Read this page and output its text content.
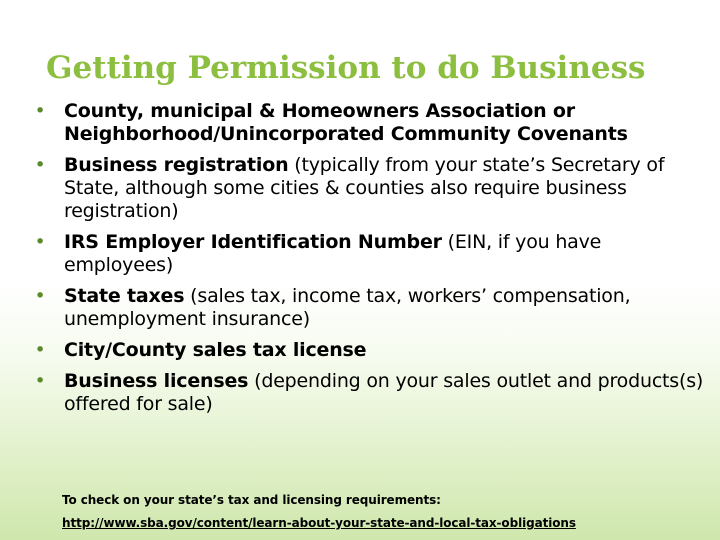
Getting Permission to do Business
• County, municipal & Homeowners Association or Neighborhood/Unincorporated Community Covenants
• Business registration (typically from your state’s Secretary of State, although some cities & counties also require business registration)
• IRS Employer Identification Number (EIN, if you have employees)
• State taxes (sales tax, income tax, workers’ compensation, unemployment insurance)
• City/County sales tax license
• Business licenses (depending on your sales outlet and products(s) offered for sale)
To check on your state’s tax and licensing requirements:
http://www.sba.gov/content/learn-about-your-state-and-local-tax-obligations
